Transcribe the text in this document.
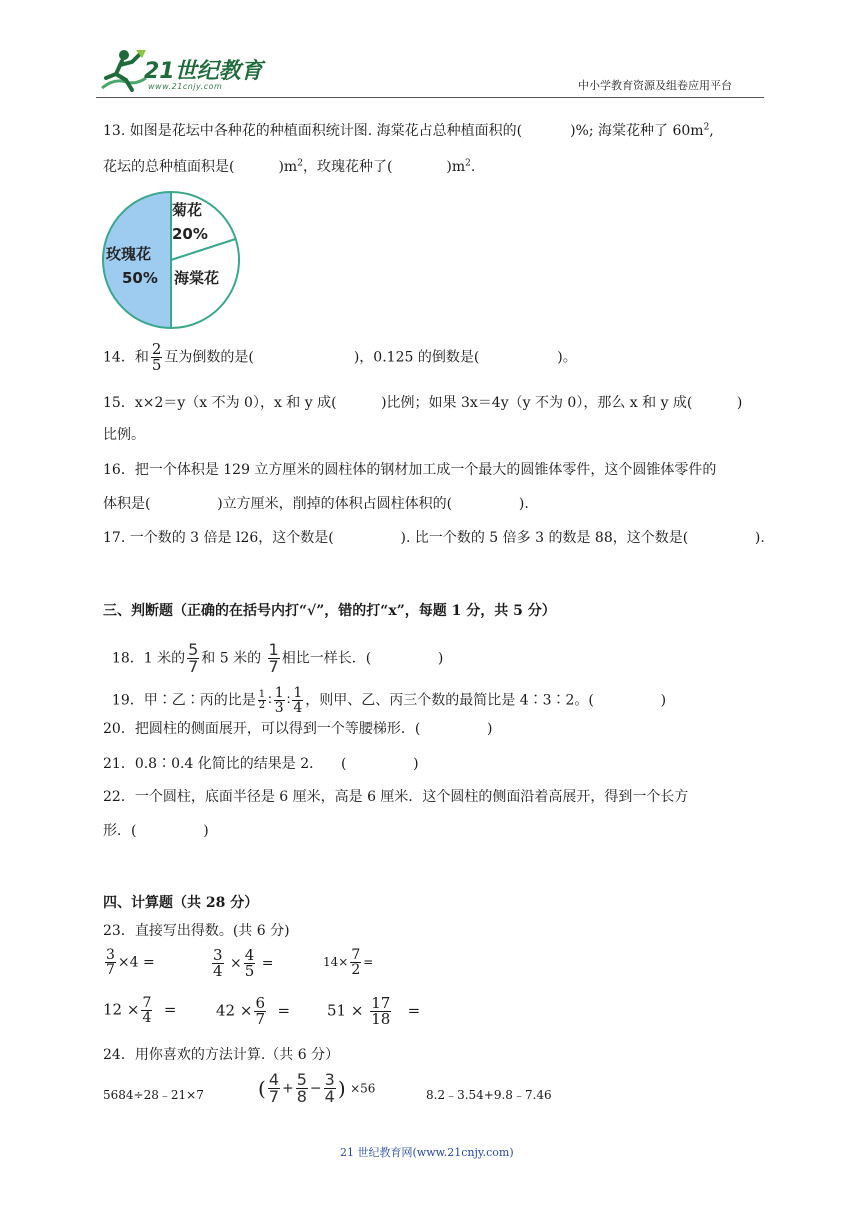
21世纪教育
www.21cnjy.com	中小学教育资源及组卷应用平台
13. 如图是花坛中各种花的种植面积统计图. 海棠花占总种植面积的(	)%; 海棠花种了 $60m^2$,
花坛的总种植面积是(	)$m^2$，玫瑰花种了(	)$m^2$.
玫瑰花
50%
菊花
20%
海棠花
14．和 $\frac{2}{5}$ 互为倒数的是(	)，0.125 的倒数是(	)。
15．x×2＝y（x 不为 0），x 和 y 成(          )比例；如果 3x＝4y（y 不为 0），那么 x 和 y 成(          )
比例。
16．把一个体积是 129 立方厘米的圆柱体的钢材加工成一个最大的圆锥体零件，这个圆锥体零件的
体积是(               )立方厘米，削掉的体积占圆柱体积的(               ).
17. 一个数的 3 倍是 l26，这个数是(               ). 比一个数的 5 倍多 3 的数是 88，这个数是(               ).
三、判断题（正确的在括号内打“√”，错的打“x”，每题 1 分，共 5 分）

18．1 米的 $\frac{5}{7}$ 和 5 米的 $\frac{1}{7}$ 相比一样长．(               )

19．甲∶乙∶丙的比是 $\frac{1}{2}$ ∶ $\frac{1}{3}$ ∶ $\frac{1}{4}$ ，则甲、乙、丙三个数的最简比是 4∶3∶2。(               )

20．把圆柱的侧面展开，可以得到一个等腰梯形．(               )
21．0.8∶0.4 化简比的结果是 2．    (               )
22．一个圆柱，底面半径是 6 厘米，高是 6 厘米．这个圆柱的侧面沿着高展开，得到一个长方
形．(               )
四、计算题（共 28 分）
23．直接写出得数。(共 6 分)
$\frac{3}{7} \times 4$ =	$\frac{3}{4} \times \frac{4}{5}$ =	$14\times \frac{7}{2}$ =
$12 \times \frac{7}{4}$ =	$42 \times \frac{6}{7} = 51 \times \frac{17}{18}$ =
24．用你喜欢的方法计算.（共 6 分）
5684÷28﹣21×7	( $\frac{4}{7} + \frac{5}{8} - \frac{3}{4}$ ) ×56	8.2﹣3.54+9.8﹣7.46
21 世纪教育网(www.21cnjy.com)
